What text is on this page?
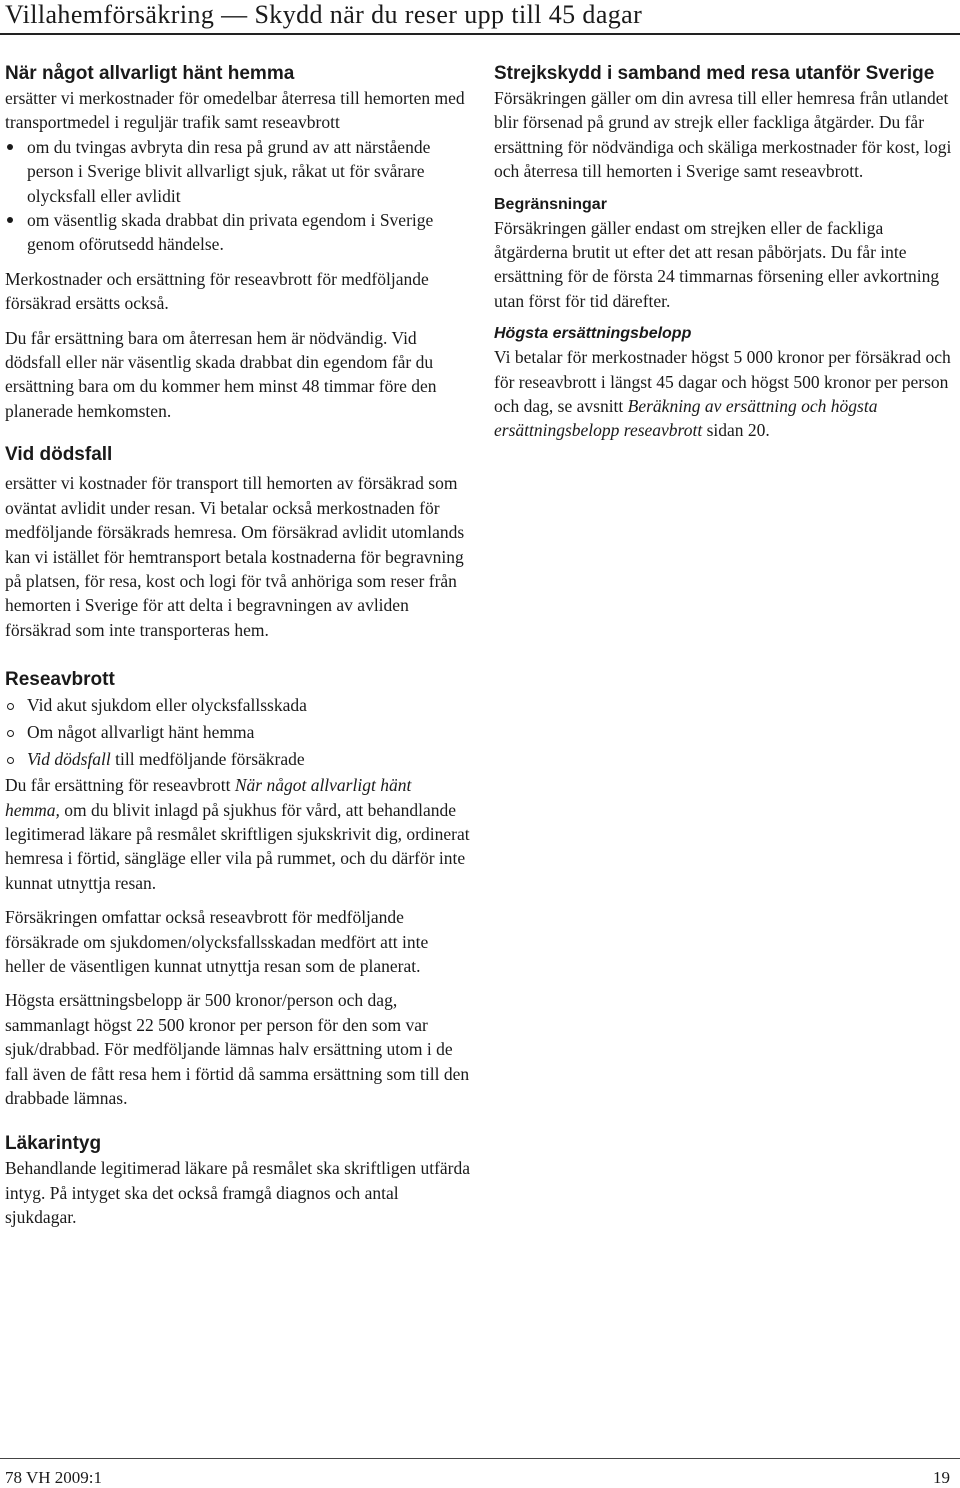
Villahemförsäkring — Skydd när du reser upp till 45 dagar
När något allvarligt hänt hemma

ersätter vi merkostnader för omedelbar återresa till hemorten med transportmedel i reguljär trafik samt reseavbrott

om du tvingas avbryta din resa på grund av att närstående person i Sverige blivit allvarligt sjuk, råkat ut för svårare olycksfall eller avlidit
om väsentlig skada drabbat din privata egendom i Sverige genom oförutsedd händelse.

Merkostnader och ersättning för reseavbrott för medföljande försäkrad ersätts också.

Du får ersättning bara om återresan hem är nödvändig. Vid dödsfall eller när väsentlig skada drabbat din egendom får du ersättning bara om du kommer hem minst 48 timmar före den planerade hemkomsten.

Vid dödsfall

ersätter vi kostnader för transport till hemorten av försäkrad som oväntat avlidit under resan. Vi betalar också merkostnaden för medföljande försäkrads hemresa. Om försäkrad avlidit utomlands kan vi istället för hemtransport betala kostnaderna för begravning på platsen, för resa, kost och logi för två anhöriga som reser från hemorten i Sverige för att delta i begravningen av avliden försäkrad som inte transporteras hem.

Reseavbrott
Vid akut sjukdom eller olycksfallsskada
Om något allvarligt hänt hemma
Vid dödsfall till medföljande försäkrade

Du får ersättning för reseavbrott När något allvarligt hänt hemma, om du blivit inlagd på sjukhus för vård, att behandlande legitimerad läkare på resmålet skriftligen sjukskrivit dig, ordinerat hemresa i förtid, sängläge eller vila på rummet, och du därför inte kunnat utnyttja resan.

Försäkringen omfattar också reseavbrott för medföljande försäkrade om sjukdomen/olycksfallsskadan medfört att inte heller de väsentligen kunnat utnyttja resan som de planerat.

Högsta ersättningsbelopp är 500 kronor/person och dag, sammanlagt högst 22 500 kronor per person för den som var sjuk/drabbad. För medföljande lämnas halv ersättning utom i de fall även de fått resa hem i förtid då samma ersättning som till den drabbade lämnas.

Läkarintyg

Behandlande legitimerad läkare på resmålet ska skriftligen utfärda intyg. På intyget ska det också framgå diagnos och antal sjukdagar.

Strejkskydd i samband med resa utanför Sverige

Försäkringen gäller om din avresa till eller hemresa från utlandet blir försenad på grund av strejk eller fackliga åtgärder. Du får ersättning för nödvändiga och skäliga merkostnader för kost, logi och återresa till hemorten i Sverige samt reseavbrott.

Begränsningar

Försäkringen gäller endast om strejken eller de fackliga åtgärderna brutit ut efter det att resan påbörjats. Du får inte ersättning för de första 24 timmarnas försening eller avkortning utan först för tid därefter.

Högsta ersättningsbelopp

Vi betalar för merkostnader högst 5 000 kronor per försäkrad och för reseavbrott i längst 45 dagar och högst 500 kronor per person och dag, se avsnitt Beräkning av ersättning och högsta ersättningsbelopp reseavbrott sidan 20.

78 VH 2009:1	19
